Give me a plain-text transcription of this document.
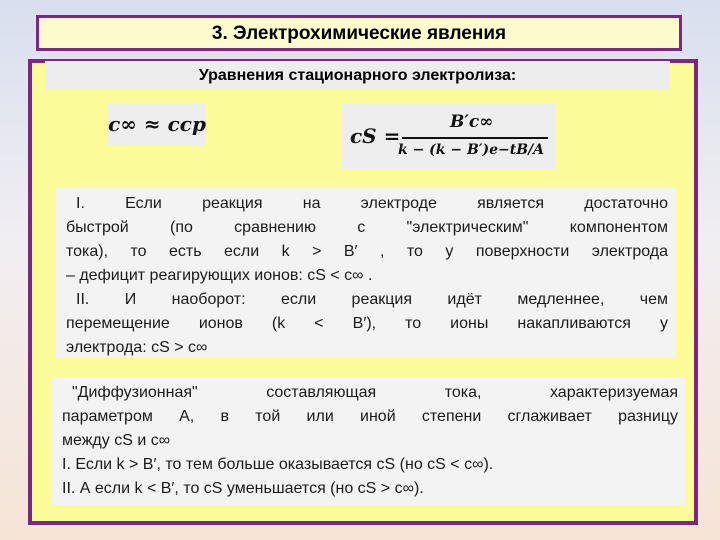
3. Электрохимические явления
Уравнения стационарного электролиза:
c∞ ≈ cср	cS =
B′c∞
k − (k − B′)e−tB/A
I. Если реакция на электроде является достаточно
быстрой (по сравнению с "электрическим" компонентом
тока), то есть если k > B′ , то у поверхности электрода
– дефицит реагирующих ионов: cS < c∞ .
II. И наоборот: если реакция идёт медленнее, чем
перемещение ионов (k < B′), то ионы накапливаются у
электрода: cS > c∞
"Диффузионная" составляющая тока, характеризуемая
параметром А, в той или иной степени сглаживает разницу
между cS и c∞
I. Если k > B′, то тем больше оказывается cS (но cS < c∞).
II. А если k < B′, то cS уменьшается (но cS > c∞).
